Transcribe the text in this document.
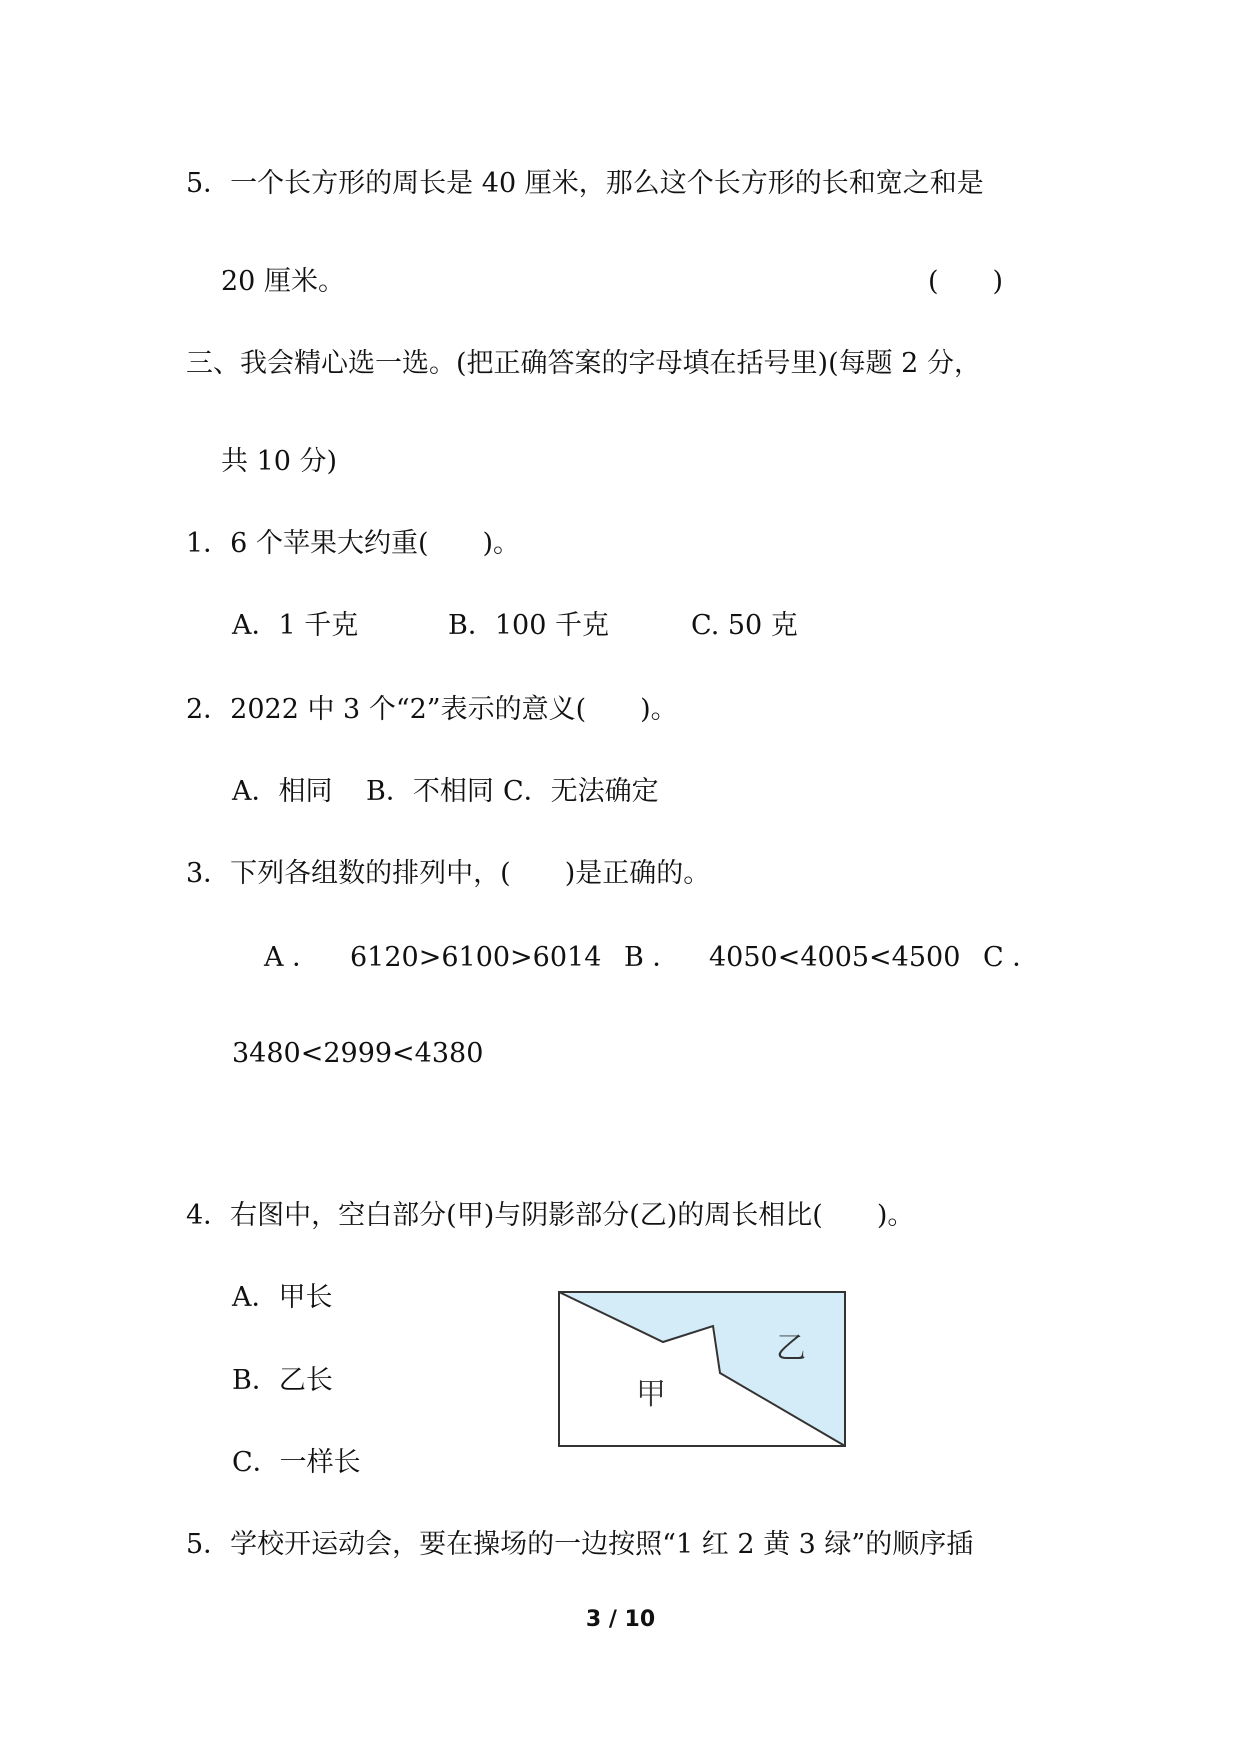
5．一个长方形的周长是 40 厘米，那么这个长方形的长和宽之和是
20 厘米。	(　　)
三、我会精心选一选。(把正确答案的字母填在括号里)(每题 2 分，
共 10 分)
1．6 个苹果大约重(　　)。
A．1 千克	B．100 千克	C. 50 克
2．2022 中 3 个“2”表示的意义(　　)。
A．相同 B．不相同 C．无法确定
3．下列各组数的排列中，(　　)是正确的。
A ． 6120>6100>6014 B ． 4050<4005<4500 C ．
3480<2999<4380
4．右图中，空白部分(甲)与阴影部分(乙)的周长相比(　　)。
A．甲长
B．乙长
C．一样长
乙
甲
5．学校开运动会，要在操场的一边按照“1 红 2 黄 3 绿”的顺序插
3 / 10
